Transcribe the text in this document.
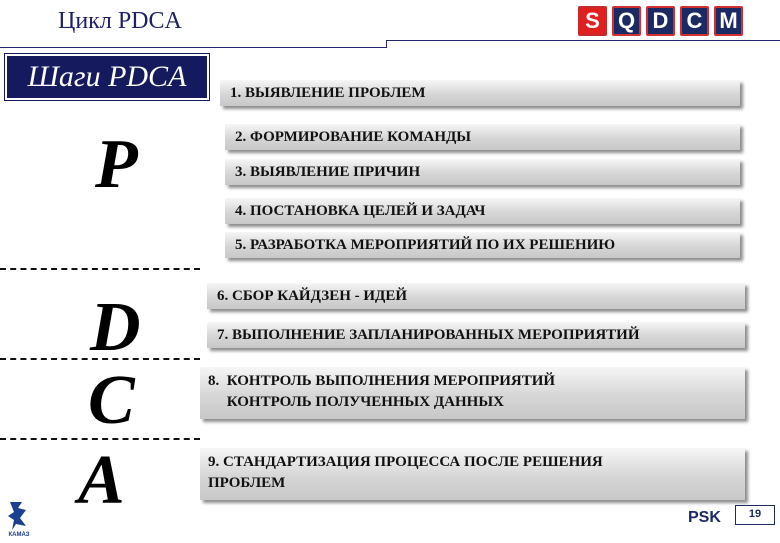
Цикл PDCA	S Q D C M
Шаги PDCA
P
D
C
A
1. ВЫЯВЛЕНИЕ ПРОБЛЕМ
2. ФОРМИРОВАНИЕ КОМАНДЫ
3. ВЫЯВЛЕНИЕ ПРИЧИН
4. ПОСТАНОВКА ЦЕЛЕЙ И ЗАДАЧ
5. РАЗРАБОТКА МЕРОПРИЯТИЙ ПО ИХ РЕШЕНИЮ
6. СБОР КАЙДЗЕН - ИДЕЙ
7. ВЫПОЛНЕНИЕ ЗАПЛАНИРОВАННЫХ МЕРОПРИЯТИЙ
8.  КОНТРОЛЬ ВЫПОЛНЕНИЯ МЕРОПРИЯТИЙ
КОНТРОЛЬ ПОЛУЧЕННЫХ ДАННЫХ
9. СТАНДАРТИЗАЦИЯ ПРОЦЕССА ПОСЛЕ РЕШЕНИЯ
ПРОБЛЕМ
КАМАЗ
PSK	19
